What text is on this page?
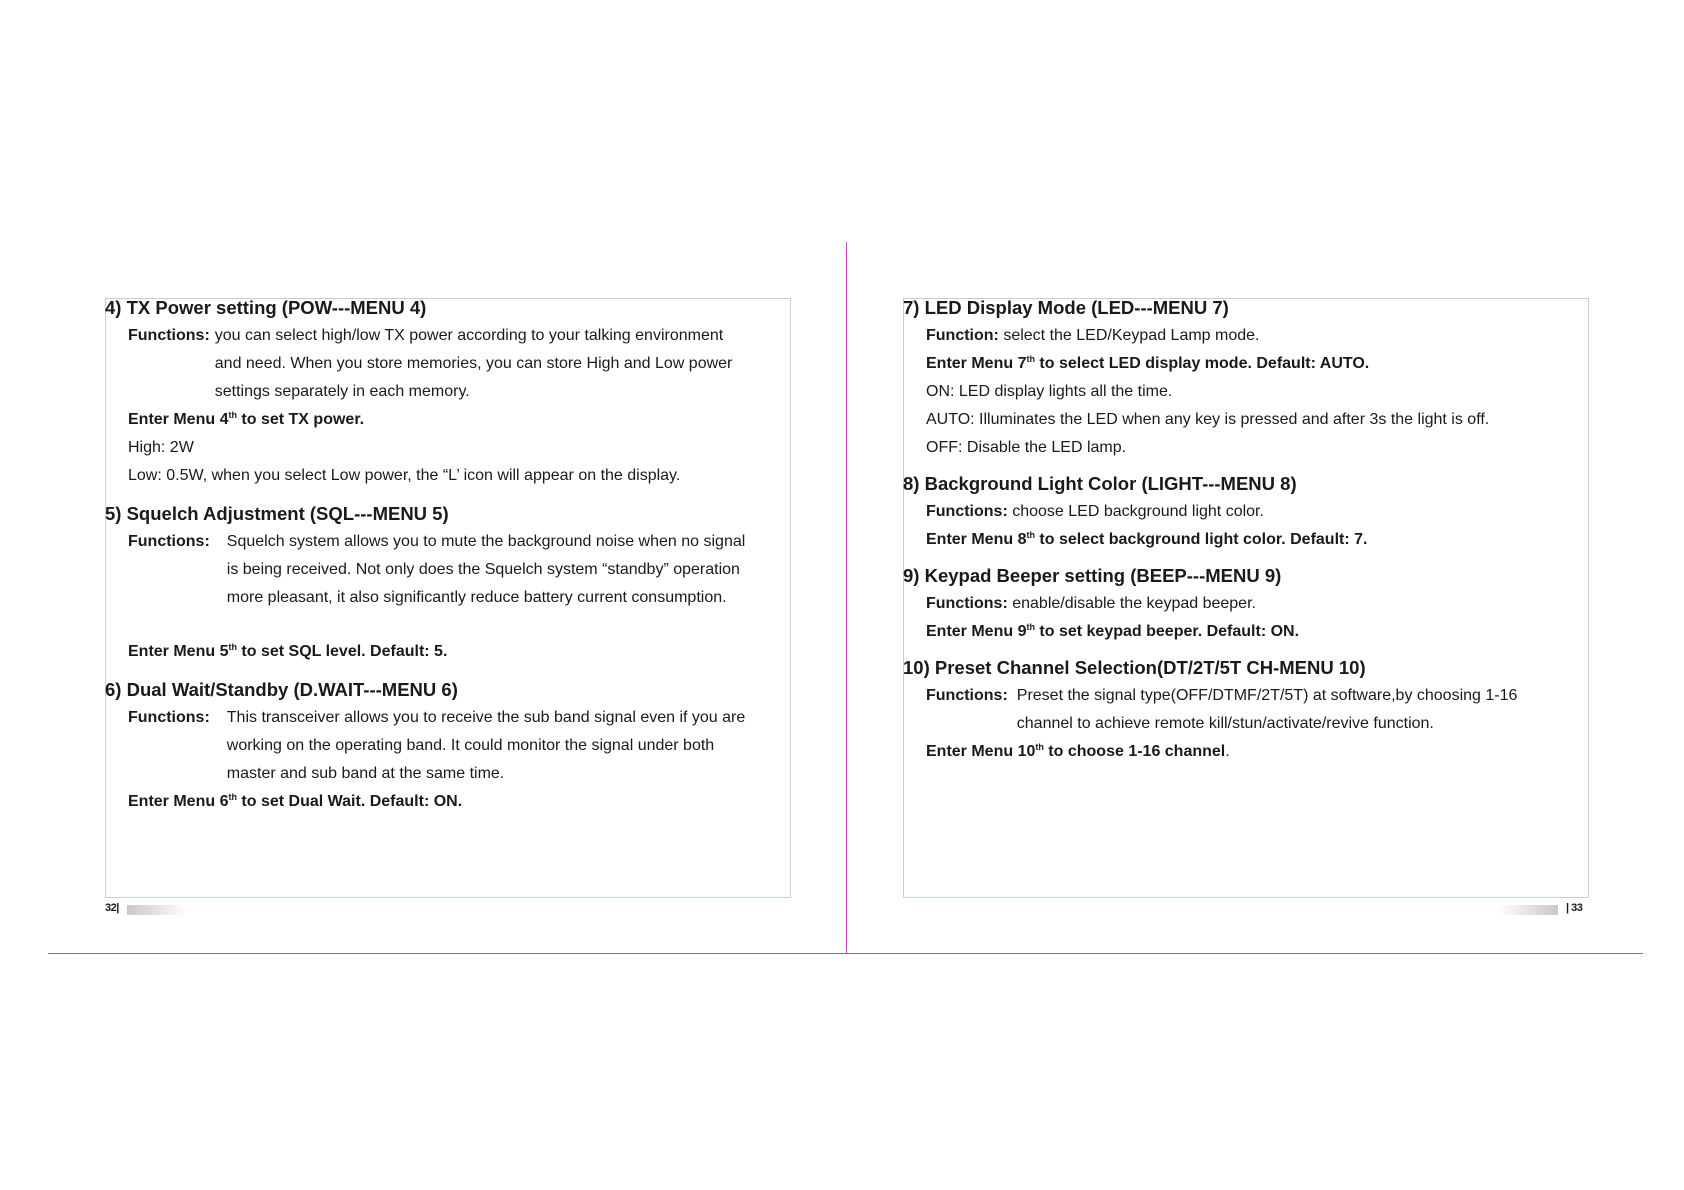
4) TX Power setting (POW---MENU 4)
Functions: you can select high/low TX power according to your talking environment
and need. When you store memories, you can store High and Low power
settings separately in each memory.

Enter Menu 4th to set TX power.
High: 2W
Low: 0.5W, when you select Low power, the “L’ icon will appear on the display.
5) Squelch Adjustment (SQL---MENU 5)
Functions: Squelch system allows you to mute the background noise when no signal
is being received. Not only does the Squelch system “standby” operation
more pleasant, it also significantly reduce battery current consumption.

Enter Menu 5th to set SQL level. Default: 5.
6) Dual Wait/Standby (D.WAIT---MENU 6)
Functions: This transceiver allows you to receive the sub band signal even if you are
working on the operating band. It could monitor the signal under both
master and sub band at the same time.

Enter Menu 6th to set Dual Wait. Default: ON.
7) LED Display Mode (LED---MENU 7)
Function: select the LED/Keypad Lamp mode.
Enter Menu 7th to select LED display mode. Default: AUTO.
ON: LED display lights all the time.
AUTO: Illuminates the LED when any key is pressed and after 3s the light is off.
OFF: Disable the LED lamp.
8) Background Light Color (LIGHT---MENU 8)
Functions: choose LED background light color.
Enter Menu 8th to select background light color. Default: 7.
9) Keypad Beeper setting (BEEP---MENU 9)
Functions: enable/disable the keypad beeper.
Enter Menu 9th to set keypad beeper. Default: ON.
10) Preset Channel Selection(DT/2T/5T CH-MENU 10)
Functions: Preset the signal type(OFF/DTMF/2T/5T) at software,by choosing 1-16
channel to achieve remote kill/stun/activate/revive function.

Enter Menu 10th to choose 1-16 channel.
32|	| 33
